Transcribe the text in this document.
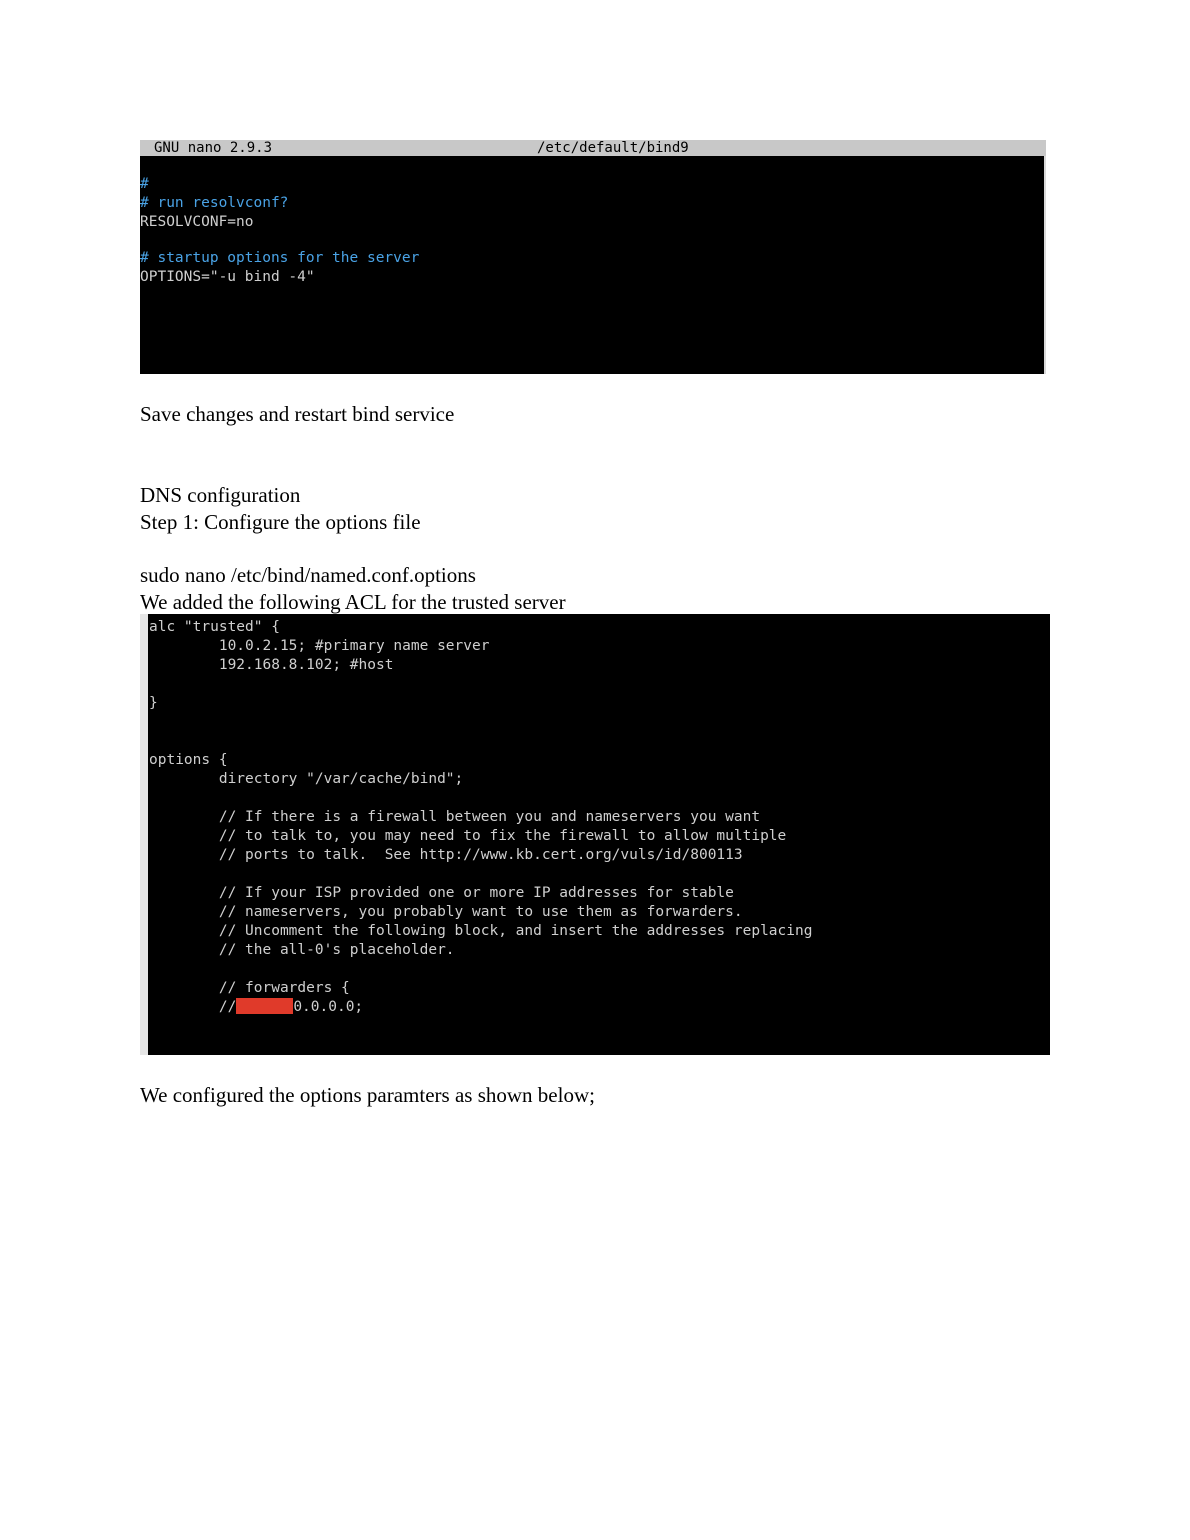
GNU nano 2.9.3

	/etc/default/bind9

#
# run resolvconf?
RESOLVCONF=no
# startup options for the server
OPTIONS="-u bind -4"
Save changes and restart bind service
DNS configuration
Step 1: Configure the options file
sudo nano /etc/bind/named.conf.options
We added the following ACL for the trusted server
alc "trusted" {
10.0.2.15; #primary name server
192.168.8.102; #host
}
options {
directory "/var/cache/bind";
// If there is a firewall between you and nameservers you want
// to talk to, you may need to fix the firewall to allow multiple
// ports to talk.  See http://www.kb.cert.org/vuls/id/800113
// If your ISP provided one or more IP addresses for stable
// nameservers, you probably want to use them as forwarders.
// Uncomment the following block, and insert the addresses replacing
// the all-0's placeholder.
// forwarders {
//	0.0.0.0;
We configured the options paramters as shown below;
